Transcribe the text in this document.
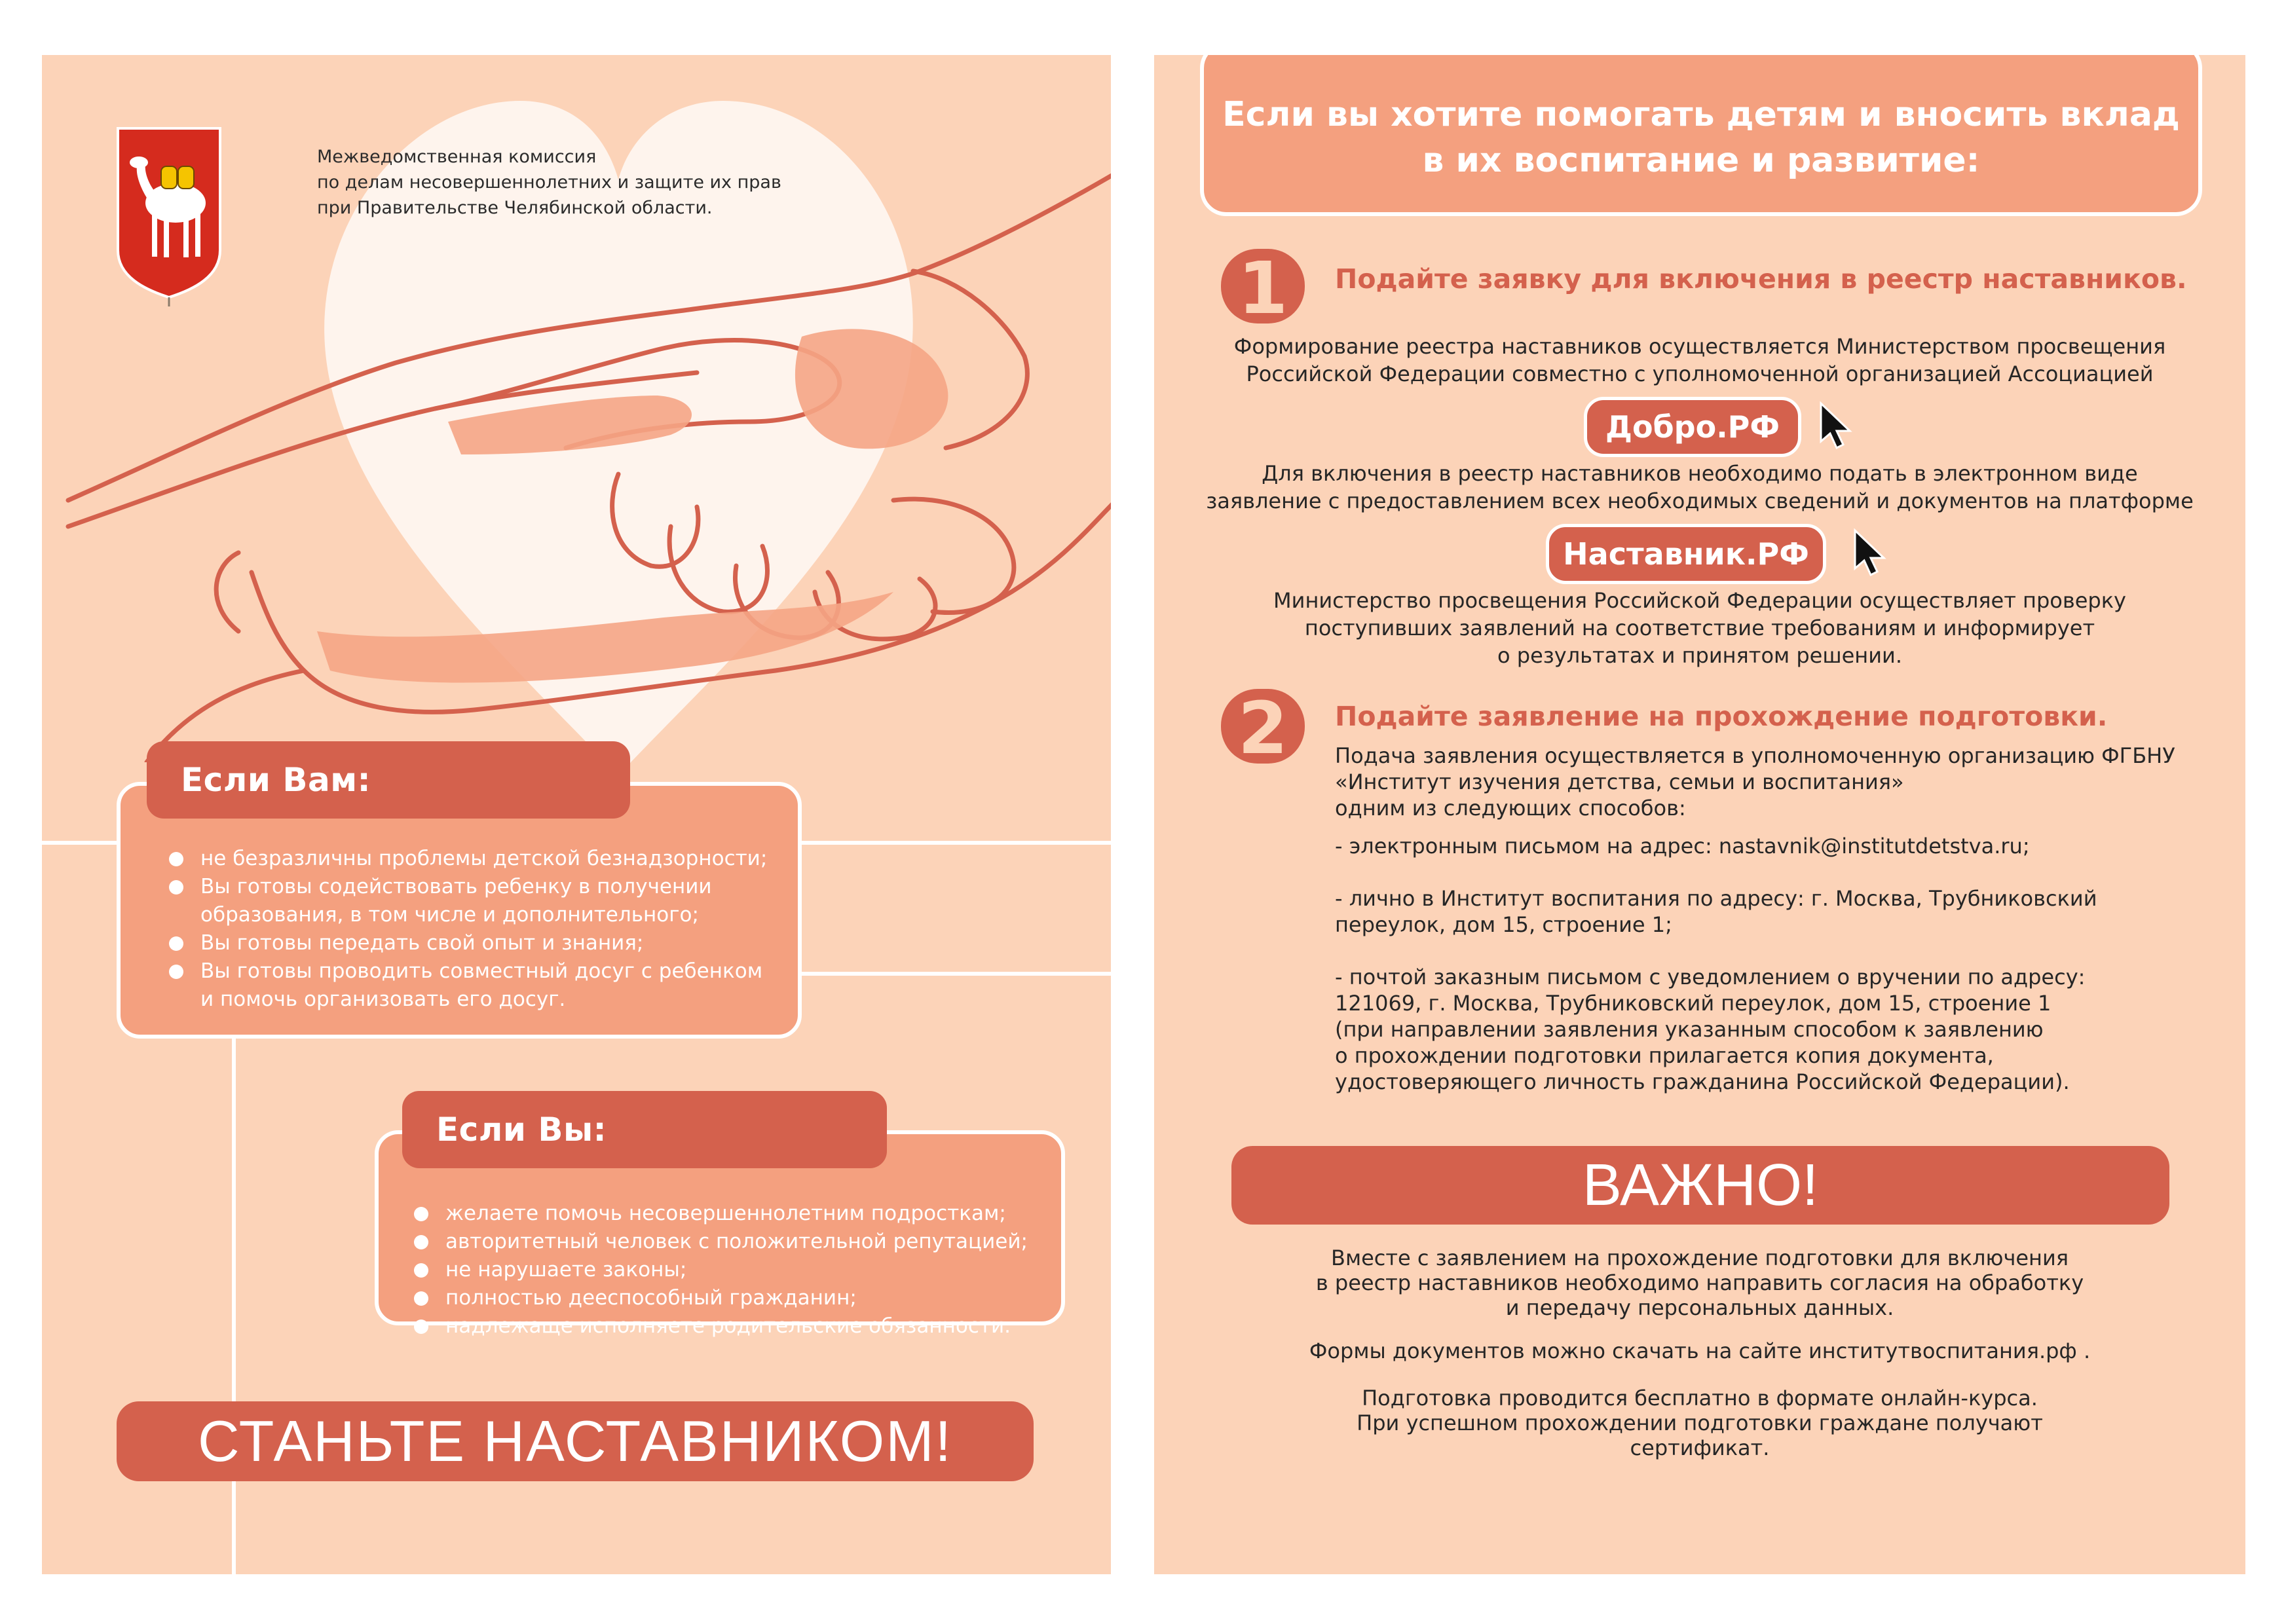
Межведомственная комиссия
по делам несовершеннолетних и защите их прав
при Правительстве Челябинской области.
не безразличны проблемы детской безнадзорности;
Вы готовы содействовать ребенку в получении
образования, в том числе и дополнительного;
Вы готовы передать свой опыт и знания;
Вы готовы проводить совместный досуг с ребенком
и помочь организовать его досуг.
Если Вам:
желаете помочь несовершеннолетним подросткам;
авторитетный человек с положительной репутацией;
не нарушаете законы;
полностью дееспособный гражданин;
надлежаще исполняете родительские обязанности.
Если Вы:
СТАНЬТЕ НАСТАВНИКОМ!
Если вы хотите помогать детям и вносить вклад
в их воспитание и развитие:
1 Подайте заявку для включения в реестр наставников.
Формирование реестра наставников осуществляется Министерством просвещения
Российской Федерации совместно с уполномоченной организацией Ассоциацией
Добро.РФ
Для включения в реестр наставников необходимо подать в электронном виде
заявление с предоставлением всех необходимых сведений и документов на платформе
Наставник.РФ
Министерство просвещения Российской Федерации осуществляет проверку
поступивших заявлений на соответствие требованиям и информирует
о результатах и принятом решении.
2 Подайте заявление на прохождение подготовки.
Подача заявления осуществляется в уполномоченную организацию ФГБНУ
«Институт изучения детства, семьи и воспитания»
одним из следующих способов:
- электронным письмом на адрес: nastavnik@institutdetstva.ru;
- лично в Институт воспитания по адресу: г. Москва, Трубниковский
переулок, дом 15, строение 1;
- почтой заказным письмом с уведомлением о вручении по адресу:
121069, г. Москва, Трубниковский переулок, дом 15, строение 1
(при направлении заявления указанным способом к заявлению
о прохождении подготовки прилагается копия документа,
удостоверяющего личность гражданина Российской Федерации).
ВАЖНО!
Вместе с заявлением на прохождение подготовки для включения
в реестр наставников необходимо направить согласия на обработку
и передачу персональных данных.
Формы документов можно скачать на сайте институтвоспитания.рф .
Подготовка проводится бесплатно в формате онлайн-курса.
При успешном прохождении подготовки граждане получают
сертификат.
